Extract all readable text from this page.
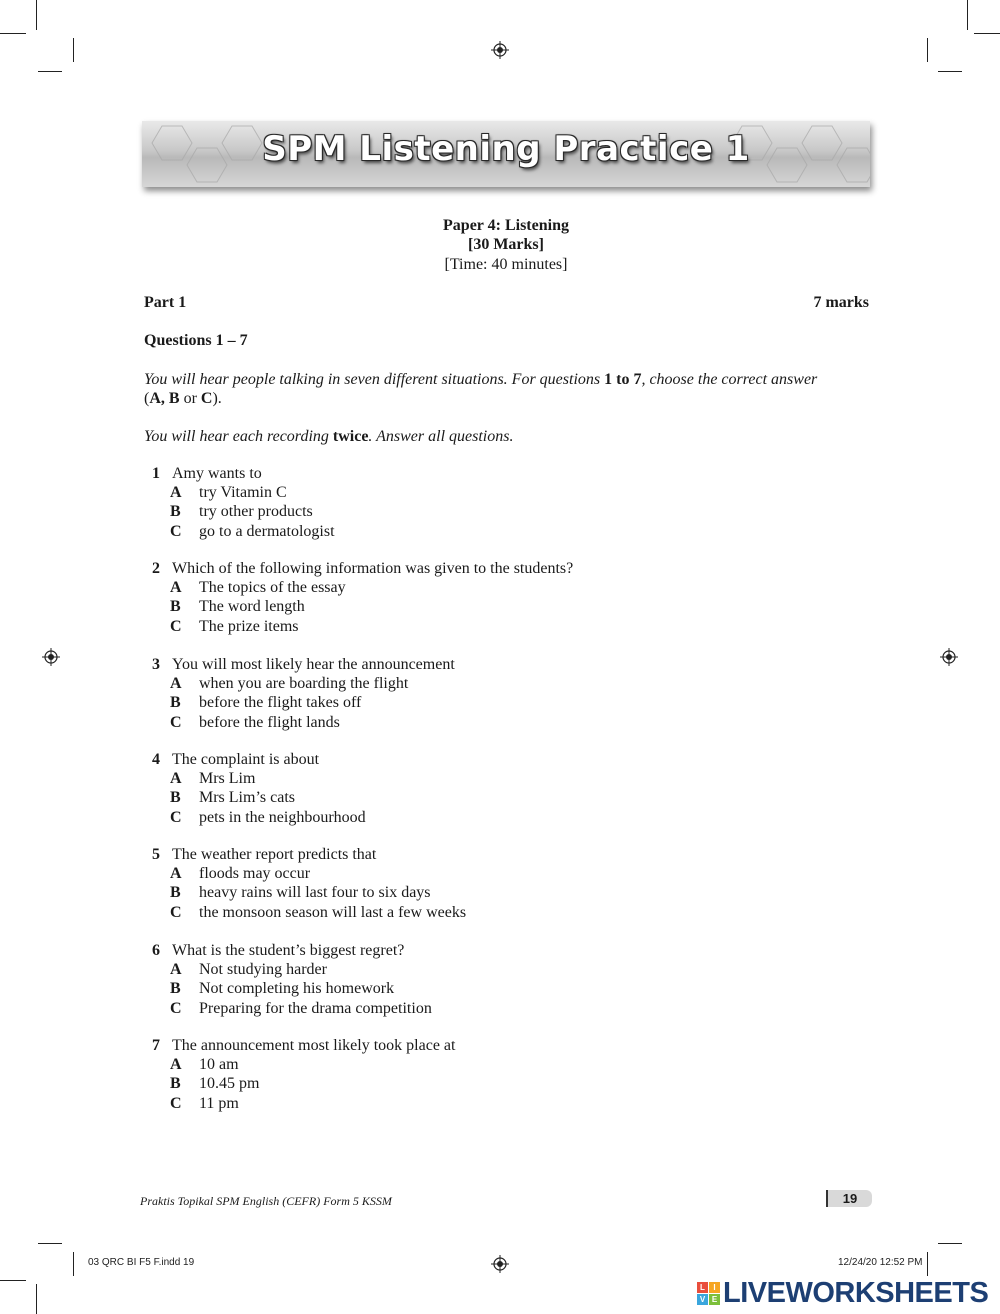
SPM Listening Practice 1
Paper 4: Listening
[30 Marks]
[Time: 40 minutes]
Part 1	7 marks
Questions 1 – 7
You will hear people talking in seven different situations. For questions 1 to 7, choose the correct answer
(A, B or C).
You will hear each recording twice. Answer all questions.
1 Amy wants to
A try Vitamin C
B try other products
C go to a dermatologist
2 Which of the following information was given to the students?
A The topics of the essay
B The word length
C The prize items
3 You will most likely hear the announcement
A when you are boarding the flight
B before the flight takes off
C before the flight lands
4 The complaint is about
A Mrs Lim
B Mrs Lim’s cats
C pets in the neighbourhood
5 The weather report predicts that
A floods may occur
B heavy rains will last four to six days
C the monsoon season will last a few weeks
6 What is the student’s biggest regret?
A Not studying harder
B Not completing his homework
C Preparing for the drama competition
7 The announcement most likely took place at
A 10 am
B 10.45 pm
C 11 pm
Praktis Topikal SPM English (CEFR) Form 5 KSSM	19
03 QRC BI F5 F.indd 19	12/24/20 12:52 PM
L	I
V E LIVEWORKSHEETS
